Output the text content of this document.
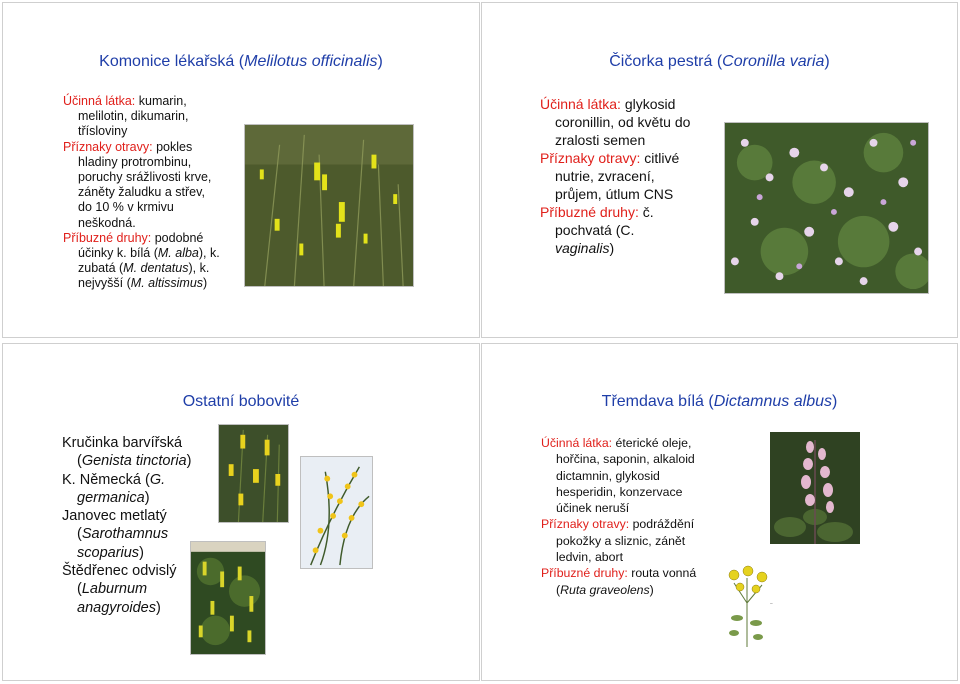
Komonice lékařská (Melilotus officinalis)
Účinná látka: kumarin,
melilotin, dikumarin,
třísloviny
Příznaky otravy: pokles
hladiny protrombinu,
poruchy srážlivosti krve,
záněty žaludku a střev,
do 10 % v krmivu
neškodná.
Příbuzné druhy: podobné
účinky k. bílá (M. alba), k.
zubatá (M. dentatus), k.
nejvyšší (M. altissimus)
Čičorka pestrá (Coronilla varia)
Účinná látka: glykosid
coronillin, od květu do
zralosti semen
Příznaky otravy: citlivé
nutrie, zvracení,
průjem, útlum CNS
Příbuzné druhy: č.
pochvatá (C.
vaginalis)
Ostatní bobovité
Kručinka barvířská
(Genista tinctoria)
K. Německá (G.
germanica)
Janovec metlatý
(Sarothamnus
scoparius)
Štědřenec odvislý
(Laburnum
anagyroides)
Třemdava bílá (Dictamnus albus)
Účinná látka: éterické oleje,
hořčina, saponin, alkaloid
dictamnin, glykosid
hesperidin, konzervace
účinek neruší
Příznaky otravy: podráždění
pokožky a sliznic, zánět
ledvin, abort
Příbuzné druhy: routa vonná
(Ruta graveolens)
~
